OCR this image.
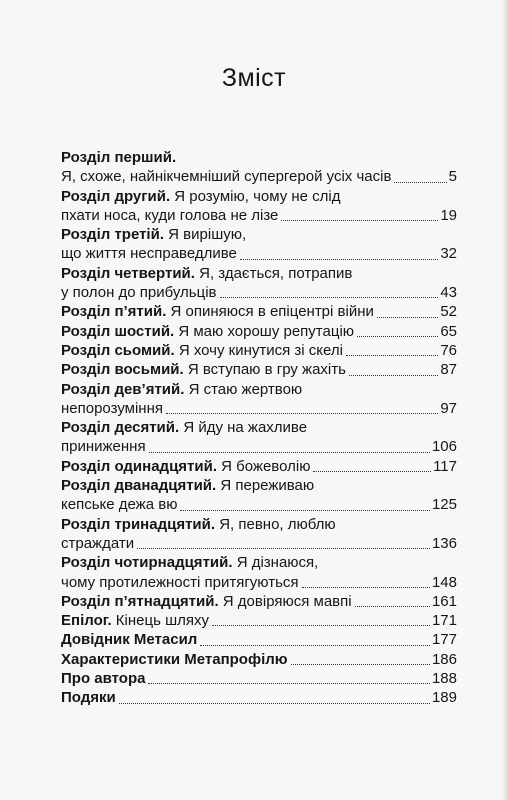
Зміст
Розділ перший.
Я, схоже, найнікчемніший супергерой усіх часів	5
Розділ другий. Я розумію, чому не слід
пхати носа, куди голова не лізе	19
Розділ третій. Я вирішую,
що життя несправедливе	32
Розділ четвертий. Я, здається, потрапив
у полон до прибульців	43
Розділ п’ятий. Я опиняюся в епіцентрі війни	52
Розділ шостий. Я маю хорошу репутацію	65
Розділ сьомий. Я хочу кинутися зі скелі	76
Розділ восьмий. Я вступаю в гру жахіть	87
Розділ дев’ятий. Я стаю жертвою
непорозуміння	97
Розділ десятий. Я йду на жахливе
приниження	106
Розділ одинадцятий. Я божеволію	117
Розділ дванадцятий. Я переживаю
кепське дежа вю	125
Розділ тринадцятий. Я, певно, люблю
страждати	136
Розділ чотирнадцятий. Я дізнаюся,
чому протилежності притягуються	148
Розділ п’ятнадцятий. Я довіряюся мавпі	161
Епілог. Кінець шляху	171
Довідник Метасил	177
Характеристики Метапрофілю	186
Про автора	188
Подяки	189
